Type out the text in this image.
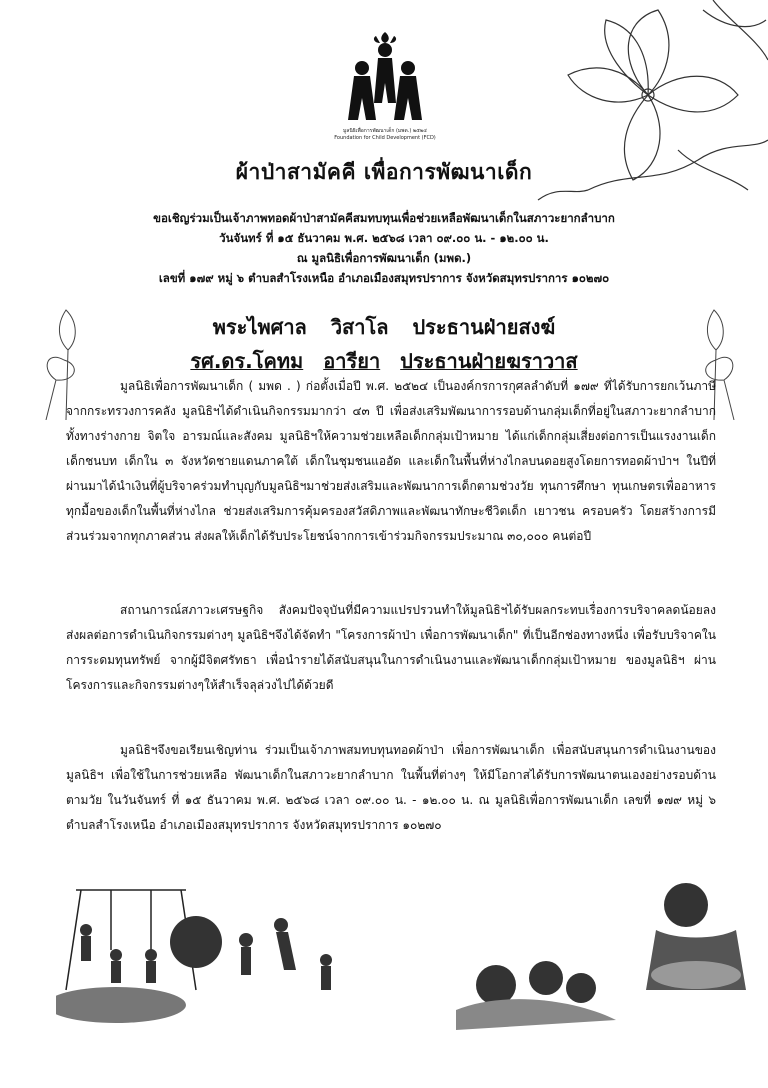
มูลนิธิเพื่อการพัฒนาเด็ก (มพด.) ๒๕๒๔
Foundation for Child Development (FCD)
ผ้าป่าสามัคคี เพื่อการพัฒนาเด็ก
ขอเชิญร่วมเป็นเจ้าภาพทอดผ้าป่าสามัคคีสมทบทุนเพื่อช่วยเหลือพัฒนาเด็กในสภาวะยากลำบาก
วันจันทร์ ที่ ๑๕ ธันวาคม พ.ศ. ๒๕๖๘ เวลา ๐๙.๐๐ น. - ๑๒.๐๐ น.
ณ มูลนิธิเพื่อการพัฒนาเด็ก (มพด.)
เลขที่ ๑๗๙ หมู่ ๖ ตำบลสำโรงเหนือ อำเภอเมืองสมุทรปราการ จังหวัดสมุทรปราการ ๑๐๒๗๐
พระไพศาล วิสาโล ประธานฝ่ายสงฆ์
รศ.ดร.โคทม อารียา ประธานฝ่ายฆราวาส

มูลนิธิเพื่อการพัฒนาเด็ก ( มพด . ) ก่อตั้งเมื่อปี พ.ศ. ๒๕๒๔ เป็นองค์กรการกุศลลำดับที่ ๑๗๙ ที่ได้รับการยกเว้นภาษี จากกระทรวงการคลัง มูลนิธิฯได้ดำเนินกิจกรรมมากว่า ๔๓ ปี เพื่อส่งเสริมพัฒนาการรอบด้านกลุ่มเด็กที่อยู่ในสภาวะยากลำบาก ทั้งทางร่างกาย จิตใจ อารมณ์และสังคม มูลนิธิฯให้ความช่วยเหลือเด็กกลุ่มเป้าหมาย ได้แก่เด็กกลุ่มเสี่ยงต่อการเป็นแรงงานเด็ก เด็กชนบท เด็กใน ๓ จังหวัดชายแดนภาคใต้ เด็กในชุมชนแออัด และเด็กในพื้นที่ห่างไกลบนดอยสูงโดยการทอดผ้าป่าฯ ในปีที่ผ่านมาได้นำเงินที่ผู้บริจาคร่วมทำบุญกับมูลนิธิฯมาช่วยส่งเสริมและพัฒนาการเด็กตามช่วงวัย ทุนการศึกษา ทุนเกษตรเพื่ออาหารทุกมื้อของเด็กในพื้นที่ห่างไกล ช่วยส่งเสริมการคุ้มครองสวัสดิภาพและพัฒนาทักษะชีวิตเด็ก เยาวชน ครอบครัว โดยสร้างการมีส่วนร่วมจากทุกภาคส่วน ส่งผลให้เด็กได้รับประโยชน์จากการเข้าร่วมกิจกรรมประมาณ ๓๐,๐๐๐ คนต่อปี

สถานการณ์สภาวะเศรษฐกิจ สังคมปัจจุบันที่มีความแปรปรวนทำให้มูลนิธิฯได้รับผลกระทบเรื่องการบริจาคลดน้อยลง ส่งผลต่อการดำเนินกิจกรรมต่างๆ มูลนิธิฯจึงได้จัดทำ "โครงการผ้าป่า เพื่อการพัฒนาเด็ก" ที่เป็นอีกช่องทางหนึ่ง เพื่อรับบริจาคในการระดมทุนทรัพย์ จากผู้มีจิตศรัทธา เพื่อนำรายได้สนับสนุนในการดำเนินงานและพัฒนาเด็กกลุ่มเป้าหมาย ของมูลนิธิฯ ผ่านโครงการและกิจกรรมต่างๆให้สำเร็จลุล่วงไปได้ด้วยดี

มูลนิธิฯจึงขอเรียนเชิญท่าน ร่วมเป็นเจ้าภาพสมทบทุนทอดผ้าป่า เพื่อการพัฒนาเด็ก เพื่อสนับสนุนการดำเนินงานของมูลนิธิฯ เพื่อใช้ในการช่วยเหลือ พัฒนาเด็กในสภาวะยากลำบาก ในพื้นที่ต่างๆ ให้มีโอกาสได้รับการพัฒนาตนเองอย่างรอบด้านตามวัย ในวันจันทร์ ที่ ๑๕ ธันวาคม พ.ศ. ๒๕๖๘ เวลา ๐๙.๐๐ น. - ๑๒.๐๐ น. ณ มูลนิธิเพื่อการพัฒนาเด็ก เลขที่ ๑๗๙ หมู่ ๖ ตำบลสำโรงเหนือ อำเภอเมืองสมุทรปราการ จังหวัดสมุทรปราการ ๑๐๒๗๐
